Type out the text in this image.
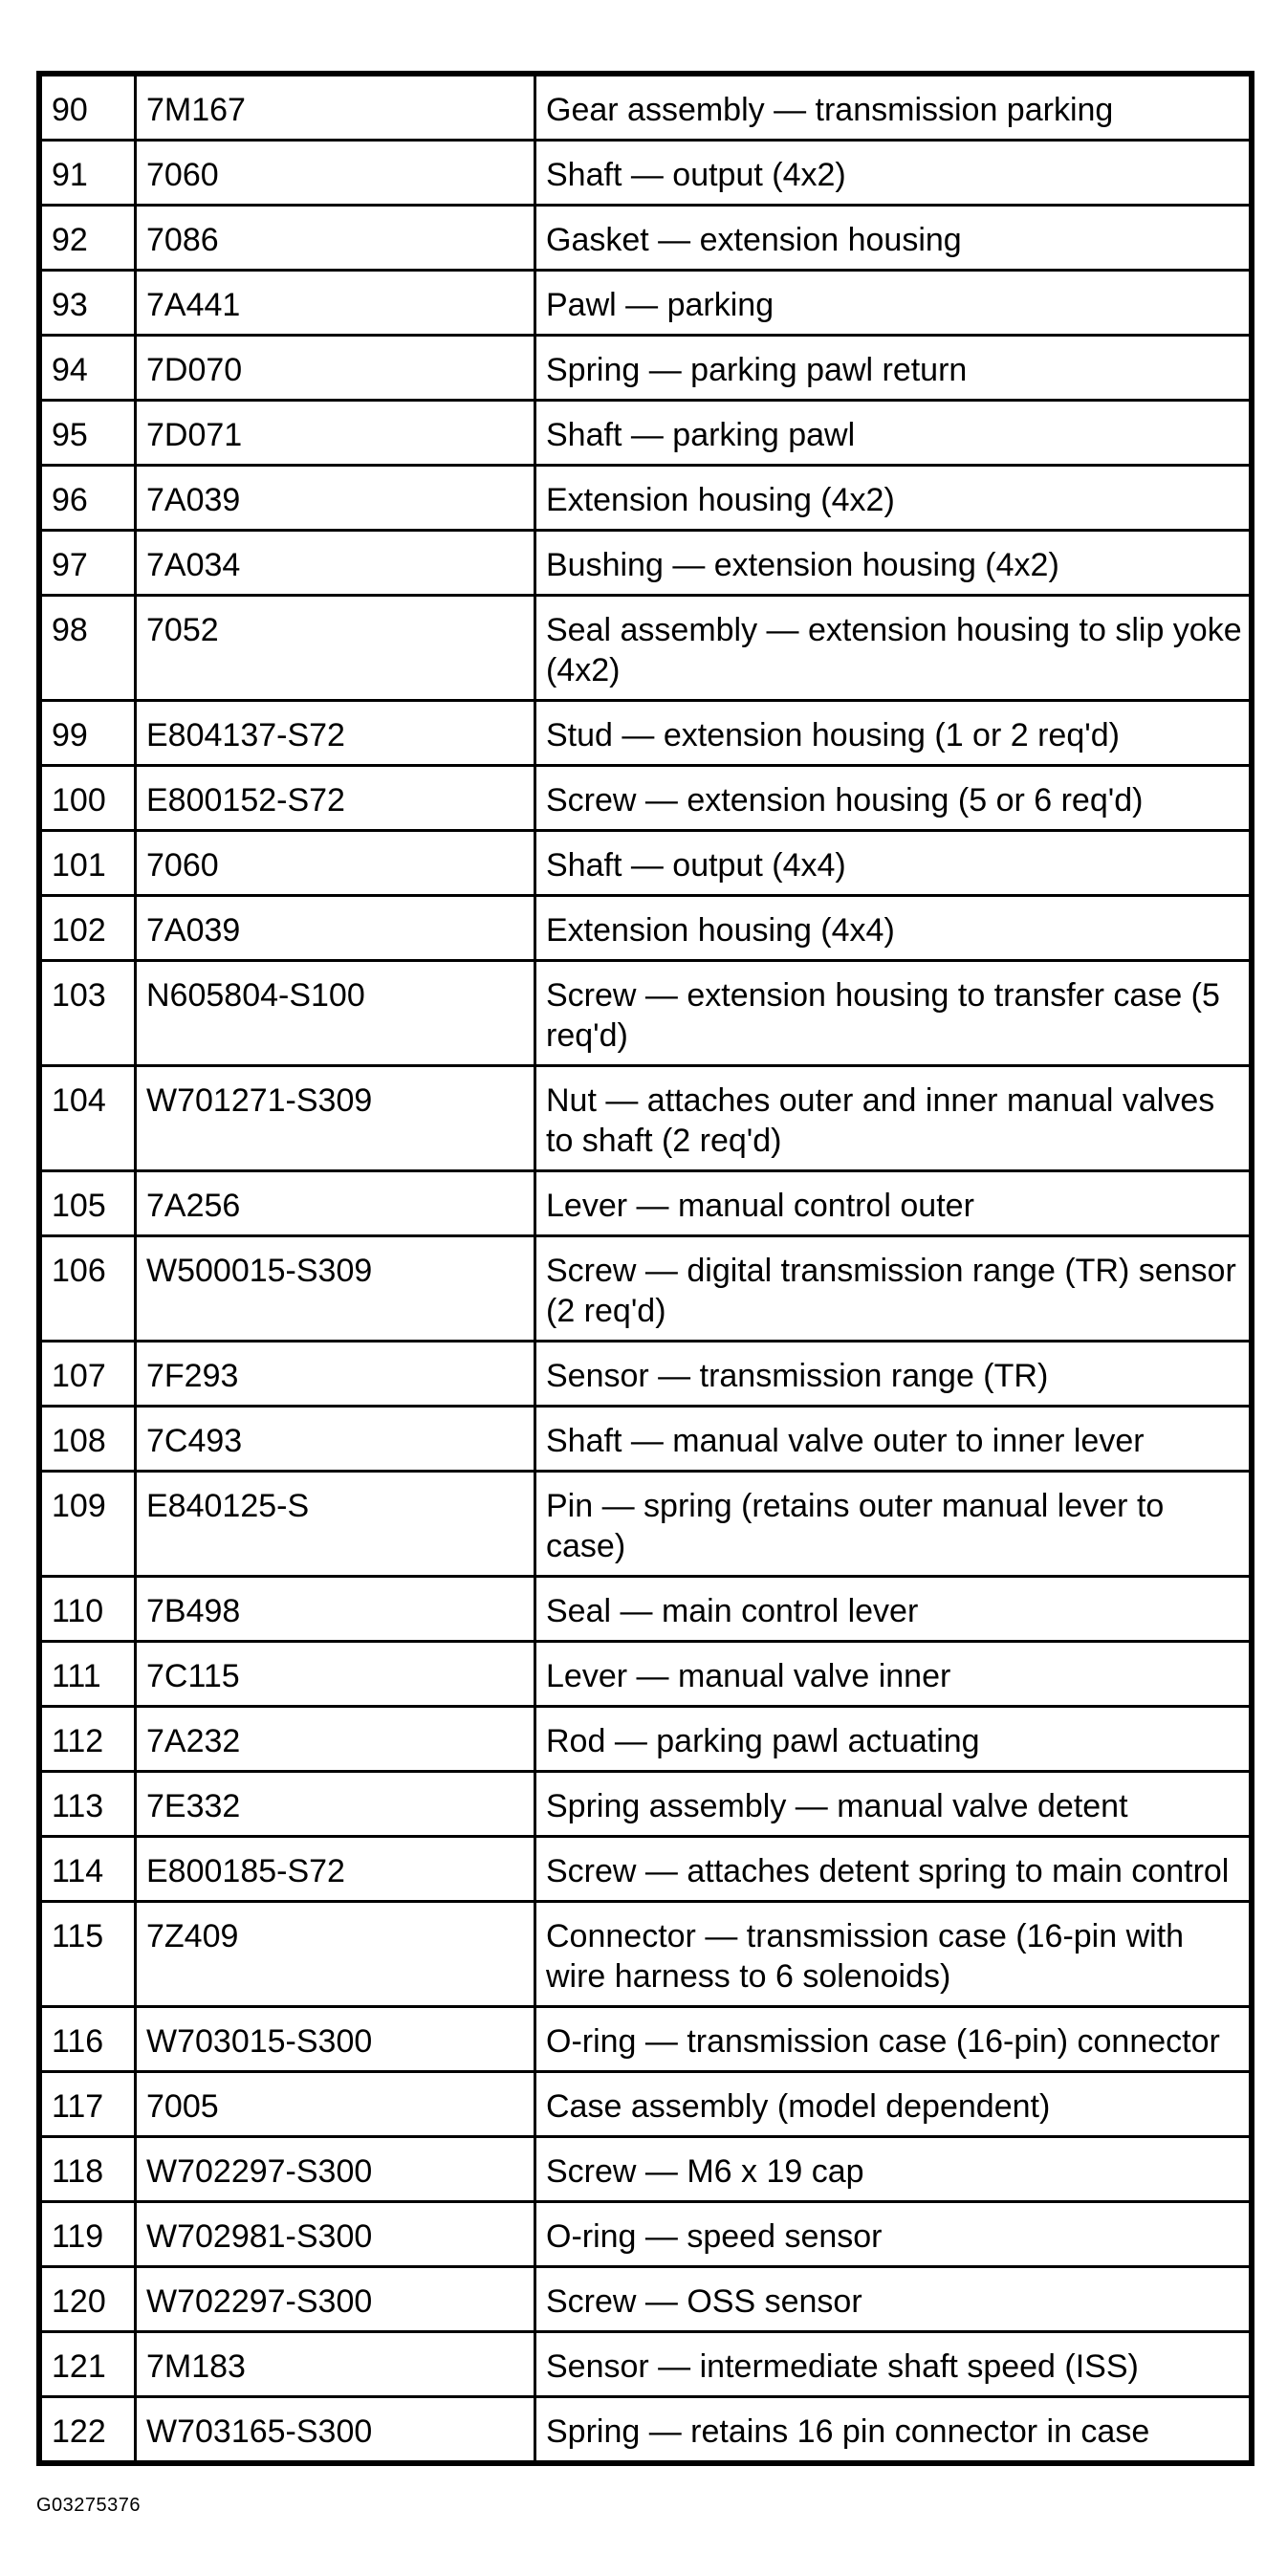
90	7M167	Gear assembly — transmission parking
91	7060	Shaft — output (4x2)
92	7086	Gasket — extension housing
93	7A441	Pawl — parking
94	7D070	Spring — parking pawl return
95	7D071	Shaft — parking pawl
96	7A039	Extension housing (4x2)
97	7A034	Bushing — extension housing (4x2)
98	7052	Seal assembly — extension housing to slip yoke (4x2)
99	E804137-S72	Stud — extension housing (1 or 2 req'd)
100	E800152-S72	Screw — extension housing (5 or 6 req'd)
101	7060	Shaft — output (4x4)
102	7A039	Extension housing (4x4)
103	N605804-S100	Screw — extension housing to transfer case (5 req'd)
104	W701271-S309	Nut — attaches outer and inner manual valves to shaft (2 req'd)
105	7A256	Lever — manual control outer
106	W500015-S309	Screw — digital transmission range (TR) sensor (2 req'd)
107	7F293	Sensor — transmission range (TR)
108	7C493	Shaft — manual valve outer to inner lever
109	E840125-S	Pin — spring (retains outer manual lever to case)
110	7B498	Seal — main control lever
111	7C115	Lever — manual valve inner
112	7A232	Rod — parking pawl actuating
113	7E332	Spring assembly — manual valve detent
114	E800185-S72	Screw — attaches detent spring to main control
115	7Z409	Connector — transmission case (16-pin with wire harness to 6 solenoids)
116	W703015-S300	O-ring — transmission case (16-pin) connector
117	7005	Case assembly (model dependent)
118	W702297-S300	Screw — M6 x 19 cap
119	W702981-S300	O-ring — speed sensor
120	W702297-S300	Screw — OSS sensor
121	7M183	Sensor — intermediate shaft speed (ISS)
122	W703165-S300	Spring — retains 16 pin connector in case
G03275376
